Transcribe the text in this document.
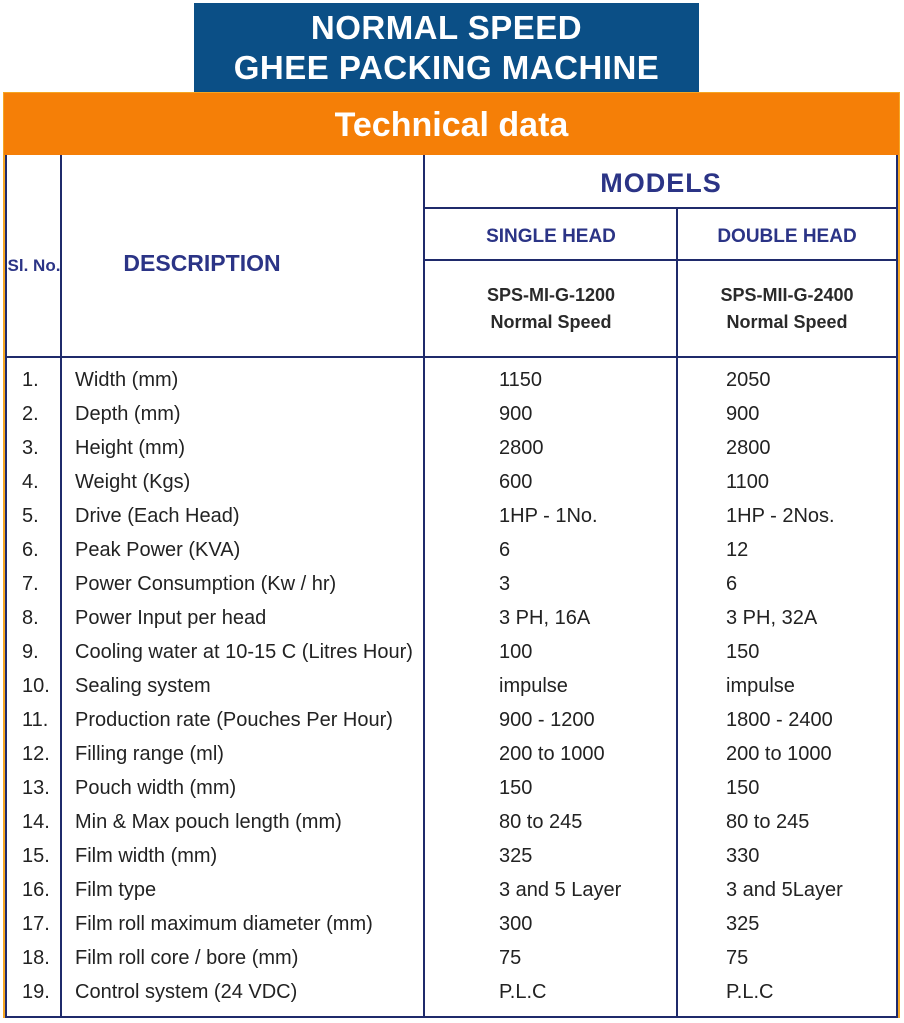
NORMAL SPEED
GHEE PACKING MACHINE
Technical data
Sl. No.	DESCRIPTION
MODELS
SINGLE HEAD	DOUBLE HEAD
SPS-MI-G-1200
Normal Speed
SPS-MII-G-2400
Normal Speed
1. Width (mm)	1150	2050
2. Depth (mm)	900	900
3. Height (mm)	2800	2800
4. Weight (Kgs)	600	1100
5. Drive (Each Head)	1HP - 1No.	1HP - 2Nos.
6. Peak Power (KVA)	6	12
7. Power Consumption (Kw / hr)	3	6
8. Power Input per head	3 PH, 16A	3 PH, 32A
9. Cooling water at 10-15 C (Litres Hour)	100	150
10. Sealing system	impulse	impulse
11. Production rate (Pouches Per Hour)	900 - 1200	1800 - 2400
12. Filling range (ml)	200 to 1000	200 to 1000
13. Pouch width (mm)	150	150
14. Min & Max pouch length (mm)	80 to 245	80 to 245
15. Film width (mm)	325	330
16. Film type	3 and 5 Layer	3 and 5Layer
17. Film roll maximum diameter (mm)	300	325
18. Film roll core / bore (mm)	75	75
19. Control system (24 VDC)	P.L.C	P.L.C
